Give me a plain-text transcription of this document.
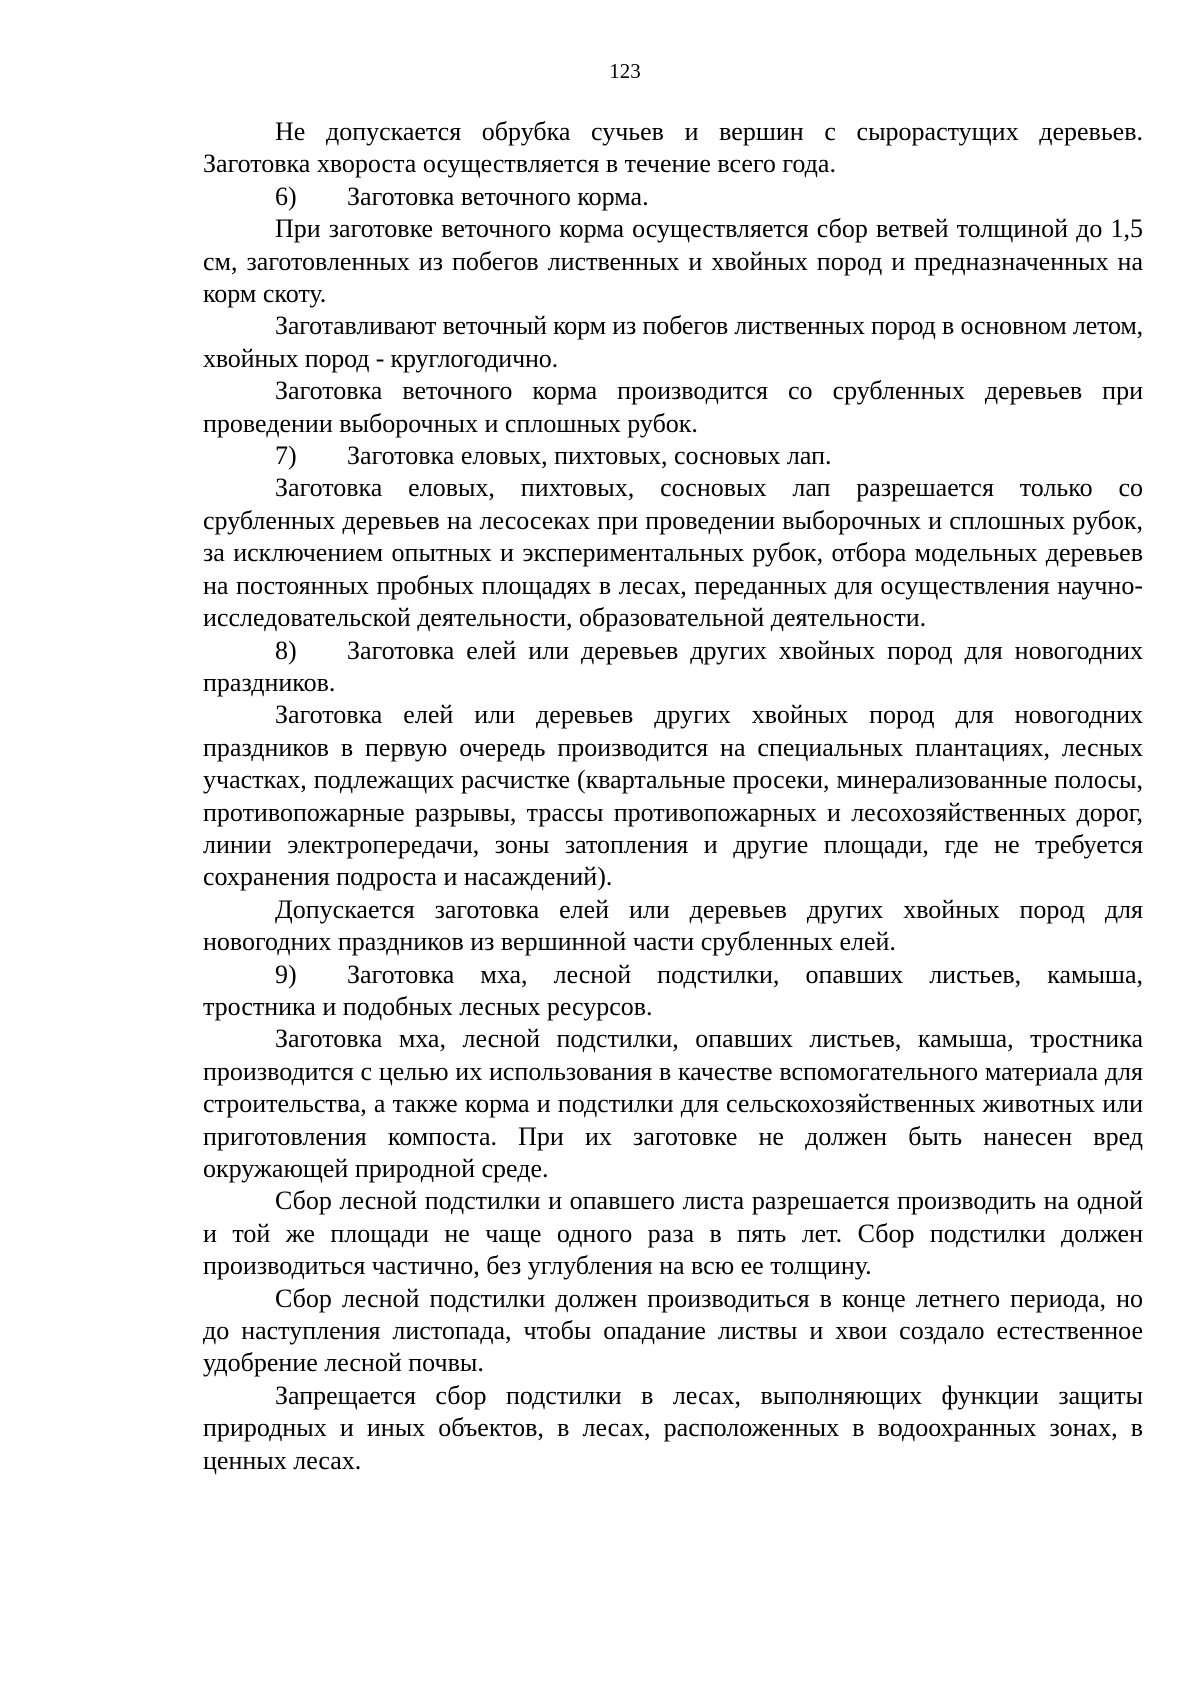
123

Не допускается обрубка сучьев и вершин с сырорастущих деревьев. Заготовка хвороста осуществляется в течение всего года.

6) Заготовка веточного корма.

При заготовке веточного корма осуществляется сбор ветвей толщиной до 1,5 см, заготовленных из побегов лиственных и хвойных пород и предназначенных на корм скоту.

Заготавливают веточный корм из побегов лиственных пород в основном летом, хвойных пород - круглогодично.

Заготовка веточного корма производится со срубленных деревьев при проведении выборочных и сплошных рубок.

7) Заготовка еловых, пихтовых, сосновых лап.

Заготовка еловых, пихтовых, сосновых лап разрешается только со срубленных деревьев на лесосеках при проведении выборочных и сплошных рубок, за исключением опытных и экспериментальных рубок, отбора модельных деревьев на постоянных пробных площадях в лесах, переданных для осуществления научно-исследовательской деятельности, образовательной деятельности.

8) Заготовка елей или деревьев других хвойных пород для новогодних праздников.

Заготовка елей или деревьев других хвойных пород для новогодних праздников в первую очередь производится на специальных плантациях, лесных участках, подлежащих расчистке (квартальные просеки, минерализованные полосы, противопожарные разрывы, трассы противопожарных и лесохозяйственных дорог, линии электропередачи, зоны затопления и другие площади, где не требуется сохранения подроста и насаждений).

Допускается заготовка елей или деревьев других хвойных пород для новогодних праздников из вершинной части срубленных елей.

9) Заготовка мха, лесной подстилки, опавших листьев, камыша, тростника и подобных лесных ресурсов.

Заготовка мха, лесной подстилки, опавших листьев, камыша, тростника производится с целью их использования в качестве вспомогательного материала для строительства, а также корма и подстилки для сельскохозяйственных животных или приготовления компоста. При их заготовке не должен быть нанесен вред окружающей природной среде.

Сбор лесной подстилки и опавшего листа разрешается производить на одной и той же площади не чаще одного раза в пять лет. Сбор подстилки должен производиться частично, без углубления на всю ее толщину.

Сбор лесной подстилки должен производиться в конце летнего периода, но до наступления листопада, чтобы опадание листвы и хвои создало естественное удобрение лесной почвы.

Запрещается сбор подстилки в лесах, выполняющих функции защиты природных и иных объектов, в лесах, расположенных в водоохранных зонах, в ценных лесах.
